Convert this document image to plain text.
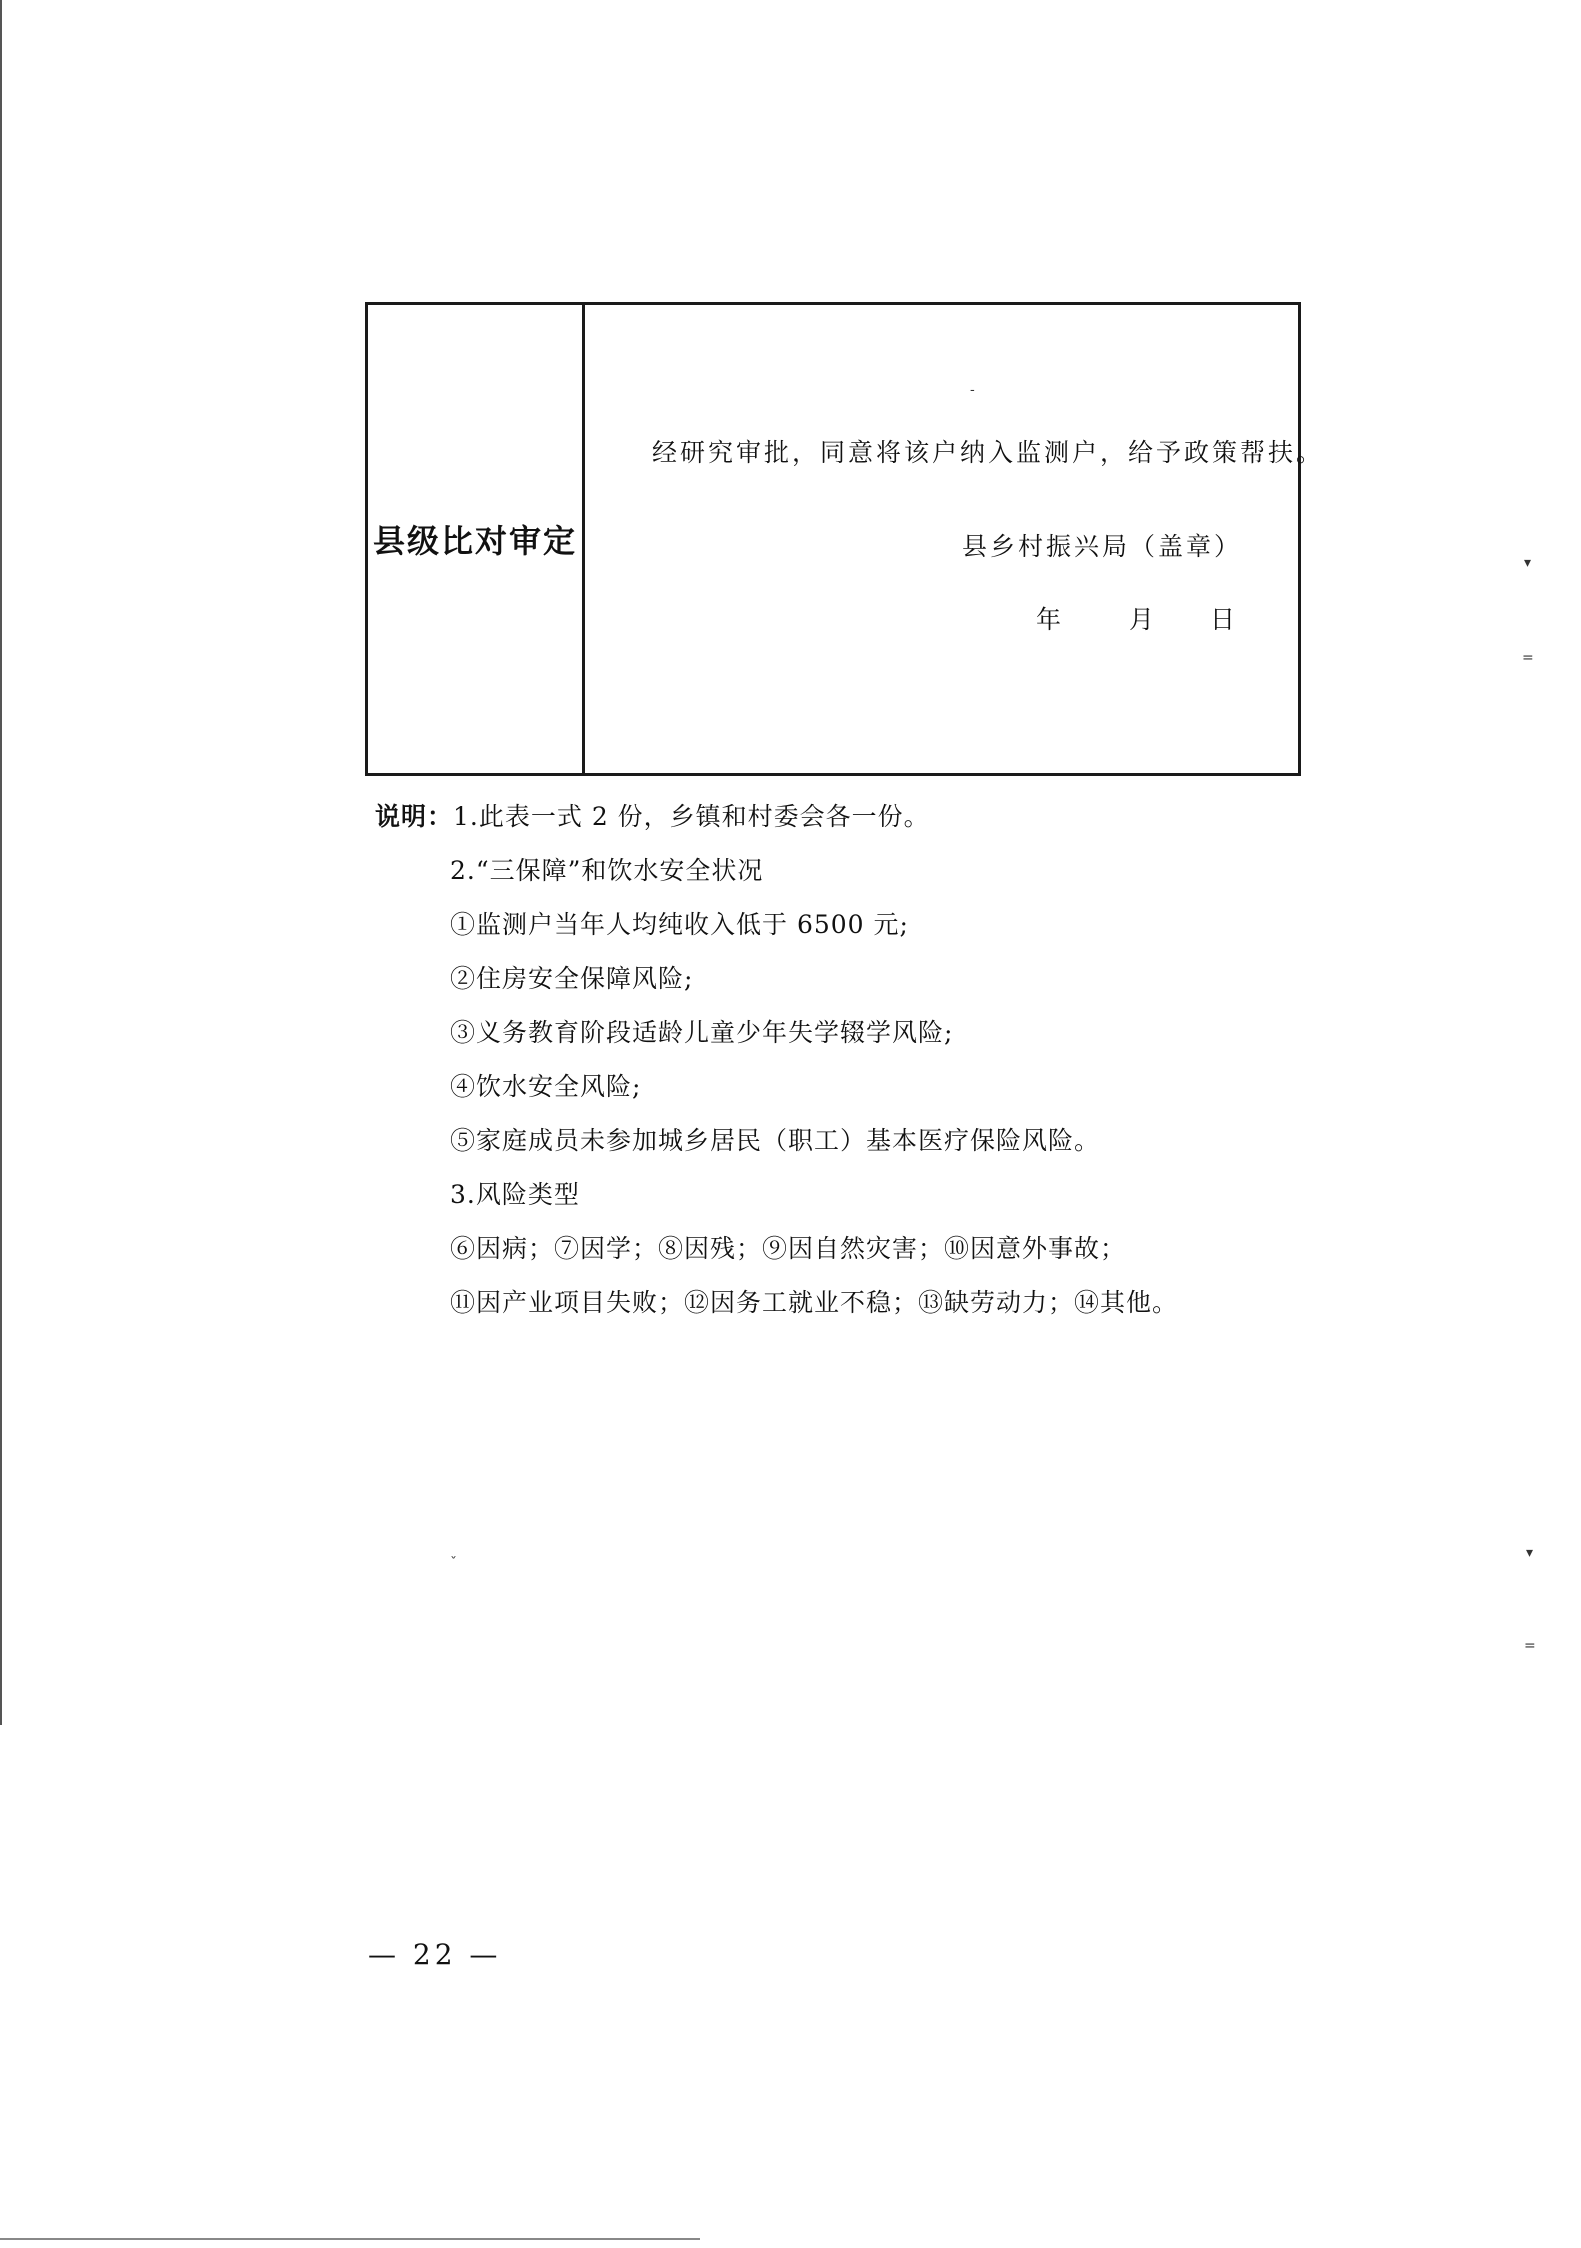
县级比对审定
经研究审批，同意将该户纳入监测户，给予政策帮扶。
县乡村振兴局（盖章）
年	月 日
说明：1.此表一式 2 份，乡镇和村委会各一份。
2.“三保障”和饮水安全状况
①监测户当年人均纯收入低于 6500 元;
②住房安全保障风险;
③义务教育阶段适龄儿童少年失学辍学风险;
④饮水安全风险;
⑤家庭成员未参加城乡居民（职工）基本医疗保险风险。
3.风险类型
⑥因病；⑦因学；⑧因残；⑨因自然灾害；⑩因意外事故；
⑪因产业项目失败；⑫因务工就业不稳；⑬缺劳动力；⑭其他。
— 22 —
-
▾
=
ˇ
▾
=
